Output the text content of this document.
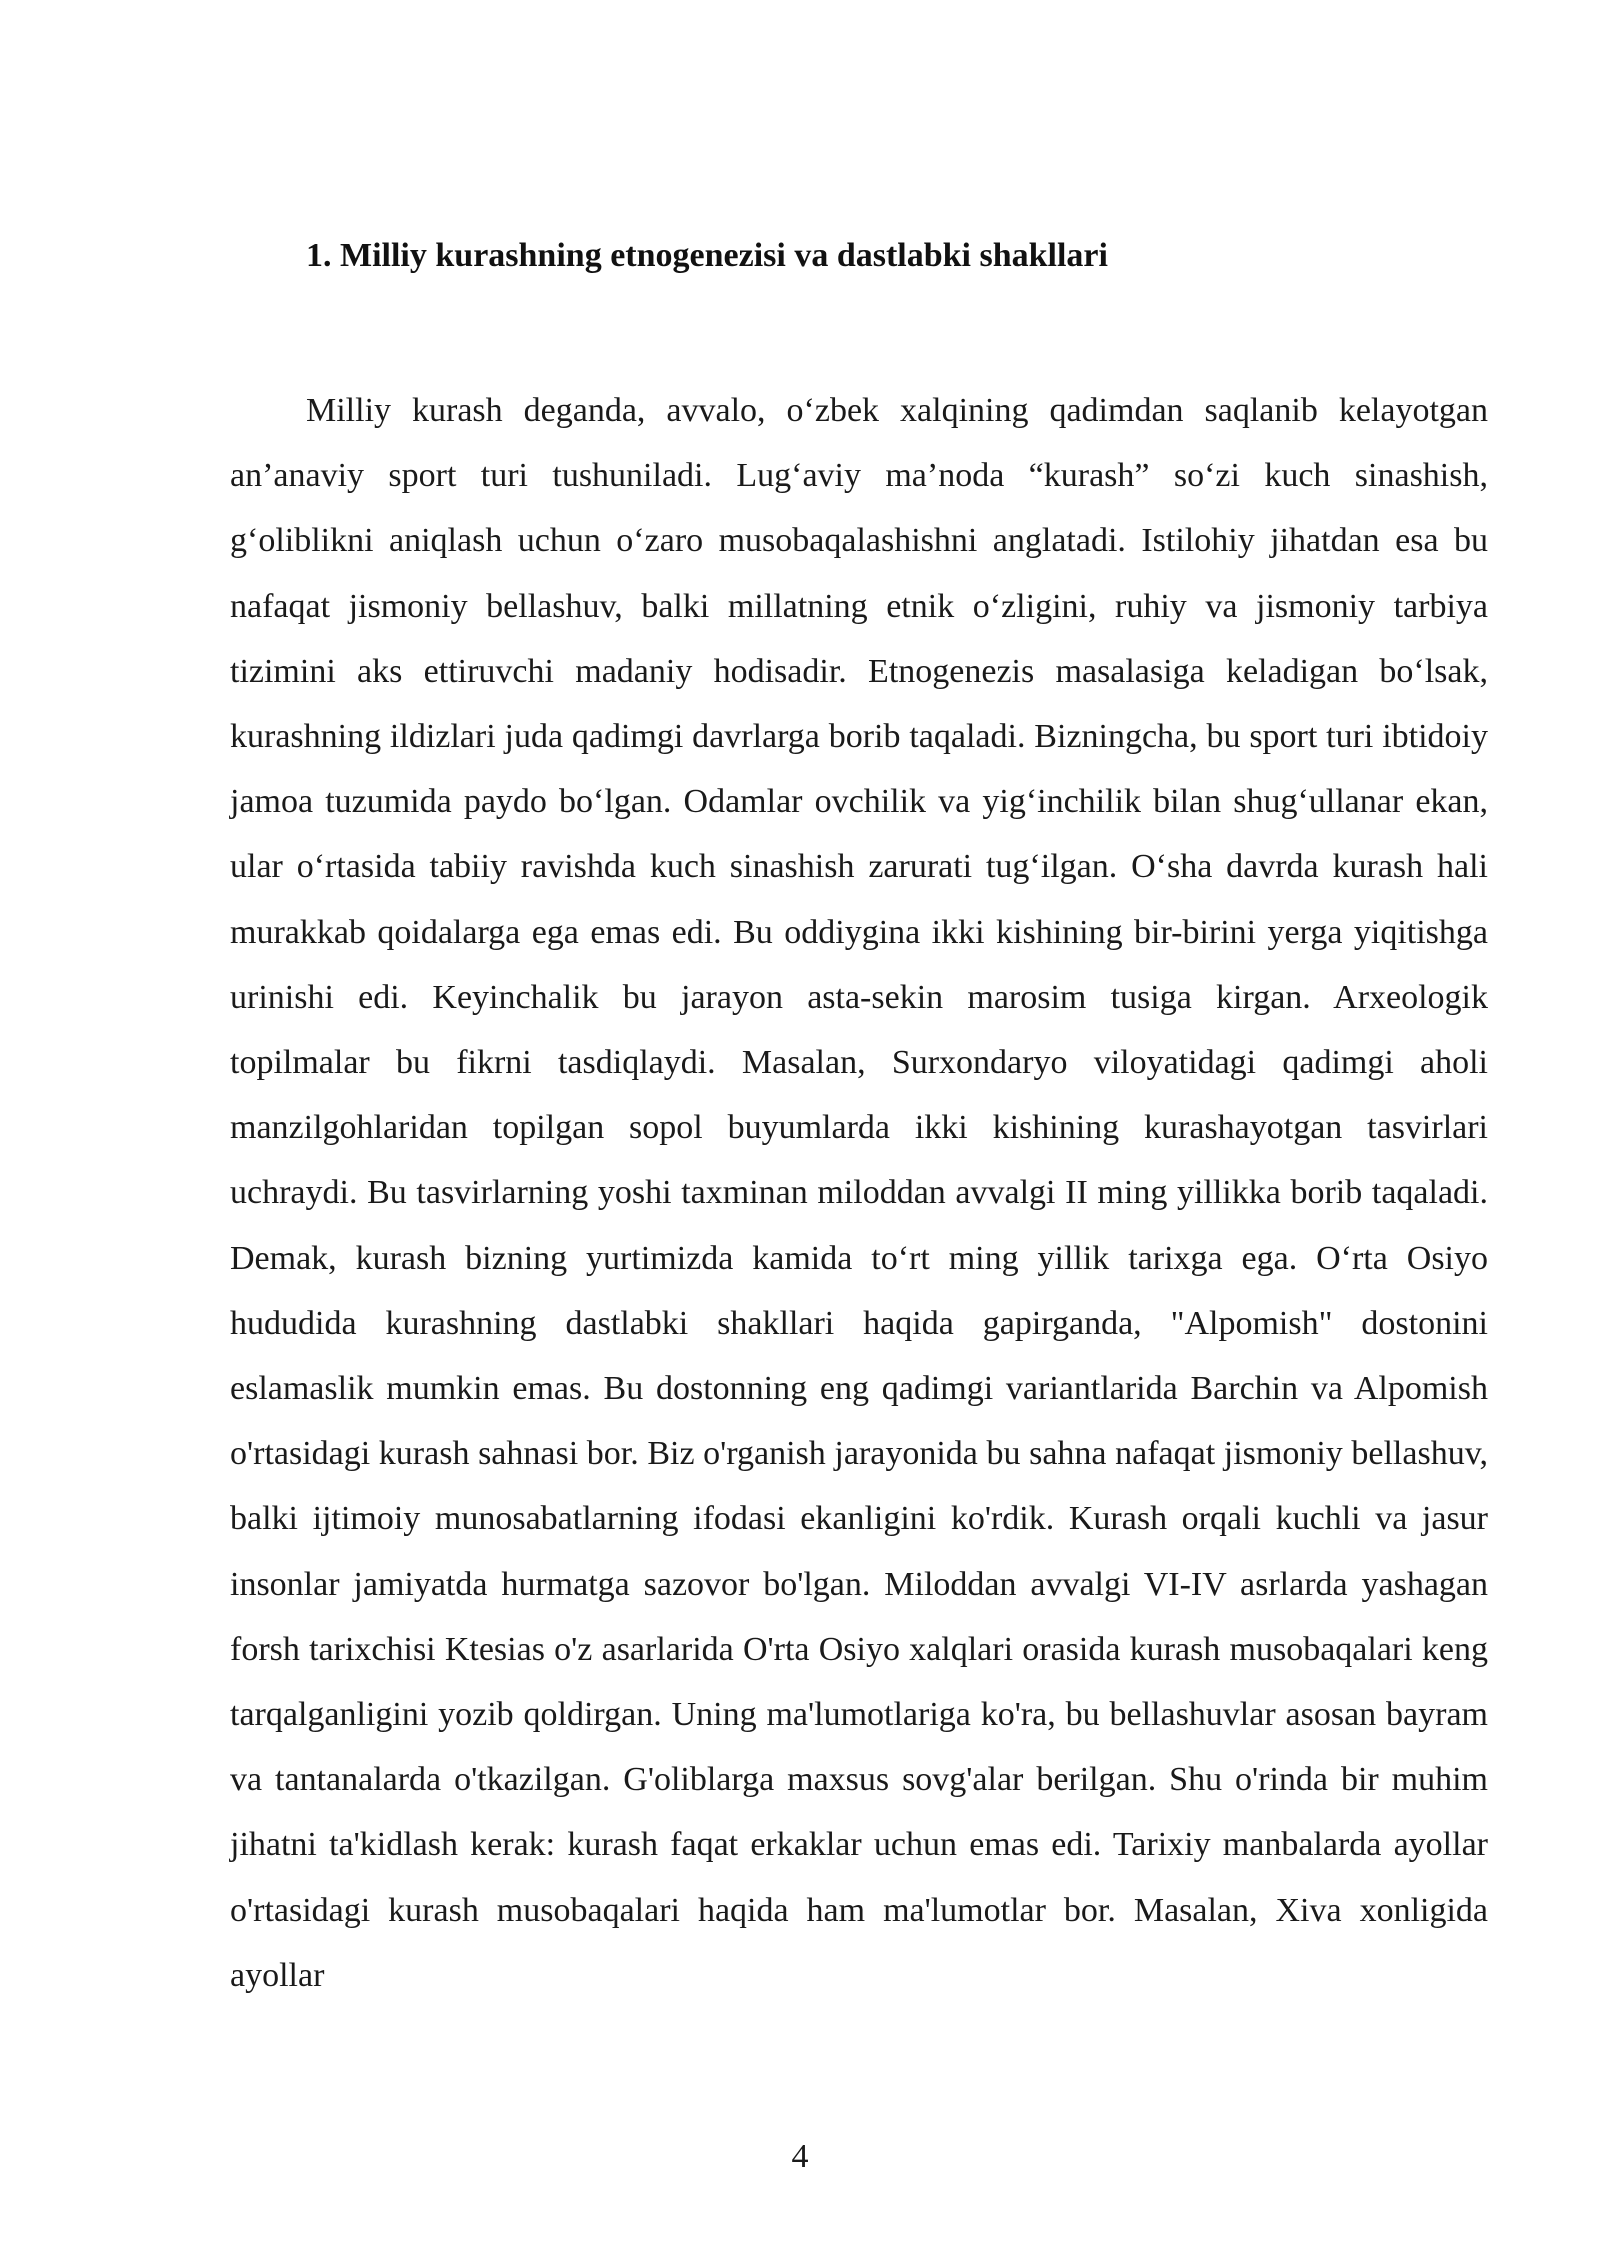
1. Milliy kurashning etnogenezisi va dastlabki shakllari

Milliy kurash deganda, avvalo, o‘zbek xalqining qadimdan saqlanib kelayotgan an’anaviy sport turi tushuniladi. Lug‘aviy ma’noda “kurash” so‘zi kuch sinashish, g‘oliblikni aniqlash uchun o‘zaro musobaqalashishni anglatadi. Istilohiy jihatdan esa bu nafaqat jismoniy bellashuv, balki millatning etnik o‘zligini, ruhiy va jismoniy tarbiya tizimini aks ettiruvchi madaniy hodisadir. Etnogenezis masalasiga keladigan bo‘lsak, kurashning ildizlari juda qadimgi davrlarga borib taqaladi. Bizningcha, bu sport turi ibtidoiy jamoa tuzumida paydo bo‘lgan. Odamlar ovchilik va yig‘inchilik bilan shug‘ullanar ekan, ular o‘rtasida tabiiy ravishda kuch sinashish zarurati tug‘ilgan. O‘sha davrda kurash hali murakkab qoidalarga ega emas edi. Bu oddiygina ikki kishining bir-birini yerga yiqitishga urinishi edi. Keyinchalik bu jarayon asta-sekin marosim tusiga kirgan. Arxeologik topilmalar bu fikrni tasdiqlaydi. Masalan, Surxondaryo viloyatidagi qadimgi aholi manzilgohlaridan topilgan sopol buyumlarda ikki kishining kurashayotgan tasvirlari uchraydi. Bu tasvirlarning yoshi taxminan miloddan avvalgi II ming yillikka borib taqaladi. Demak, kurash bizning yurtimizda kamida to‘rt ming yillik tarixga ega. O‘rta Osiyo hududida kurashning dastlabki shakllari haqida gapirganda, "Alpomish" dostonini eslamaslik mumkin emas. Bu dostonning eng qadimgi variantlarida Barchin va Alpomish o'rtasidagi kurash sahnasi bor. Biz o'rganish jarayonida bu sahna nafaqat jismoniy bellashuv, balki ijtimoiy munosabatlarning ifodasi ekanligini ko'rdik. Kurash orqali kuchli va jasur insonlar jamiyatda hurmatga sazovor bo'lgan. Miloddan avvalgi VI-IV asrlarda yashagan forsh tarixchisi Ktesias o'z asarlarida O'rta Osiyo xalqlari orasida kurash musobaqalari keng tarqalganligini yozib qoldirgan. Uning ma'lumotlariga ko'ra, bu bellashuvlar asosan bayram va tantanalarda o'tkazilgan. G'oliblarga maxsus sovg'alar berilgan. Shu o'rinda bir muhim jihatni ta'kidlash kerak: kurash faqat erkaklar uchun emas edi. Tarixiy manbalarda ayollar o'rtasidagi kurash musobaqalari haqida ham ma'lumotlar bor. Masalan, Xiva xonligida ayollar

4
